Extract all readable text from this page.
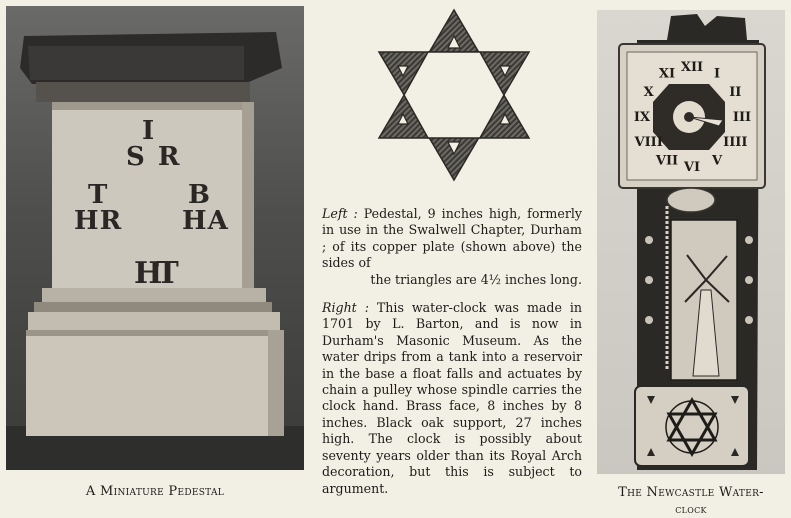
I
S R
T
HR
B
HA
HT
A Miniature Pedestal

Left : Pedestal, 9 inches high, formerly in use in the Swalwell Chapter, Durham ; of its copper plate (shown above) the sides of
the triangles are 4½ inches long.

Right : This water-clock was made in 1701 by L. Barton, and is now in Durham's Masonic Museum. As the water drips from a tank into a reservoir in the base a float falls and actuates by chain a pulley whose spindle carries the clock hand. Brass face, 8 inches by 8 inches. Black oak support, 27 inches high. The clock is possibly about seventy years older than its Royal Arch decoration, but this is subject to argument.

XII I
II
III
IIII
V
VI
VII
VIII
IX
X
XI
The Newcastle Water-
clock
